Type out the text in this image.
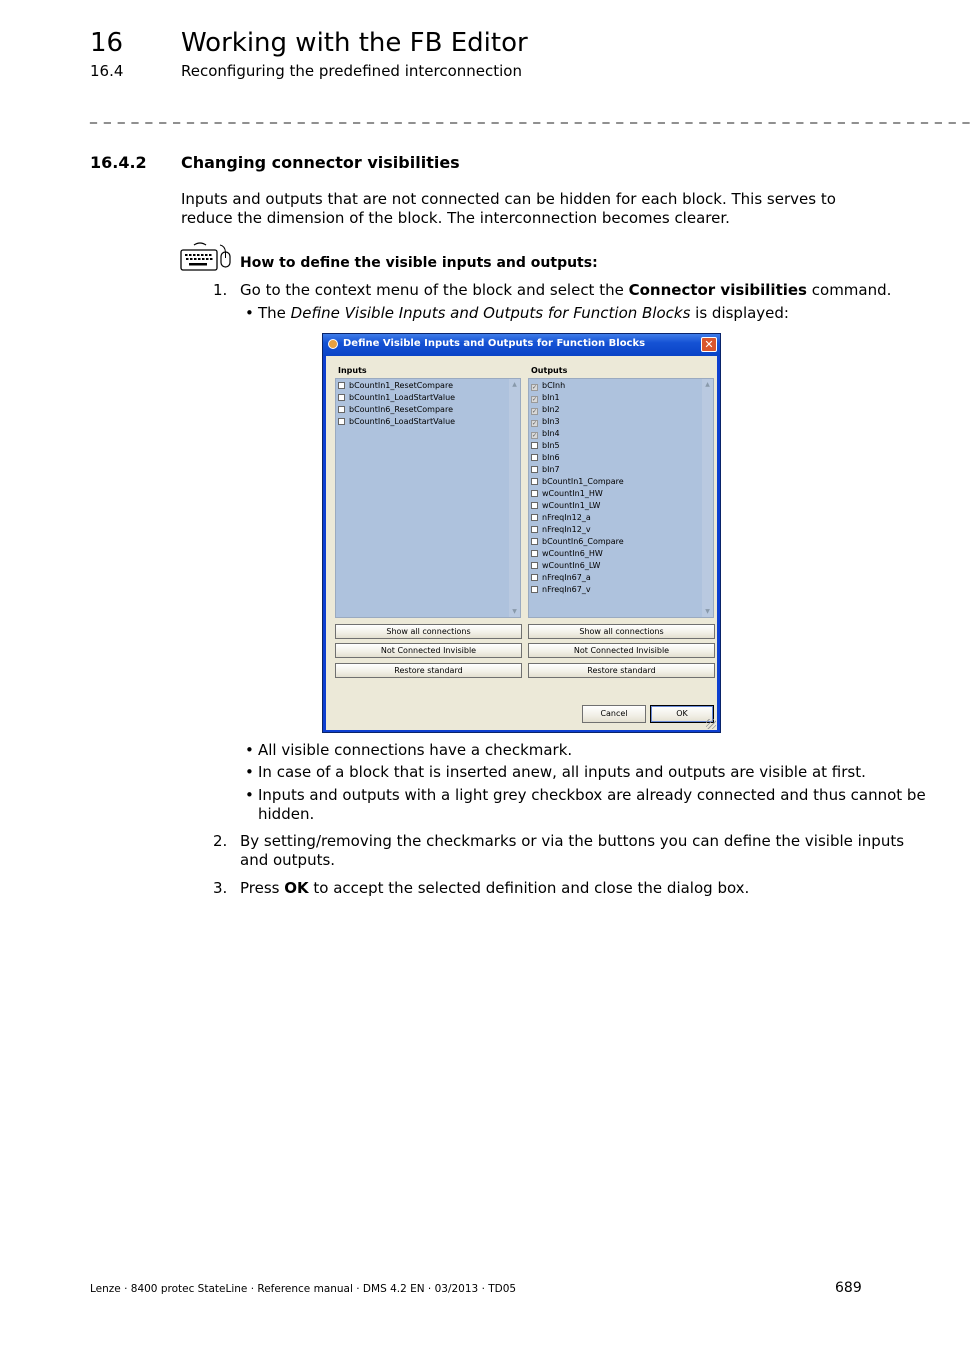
16 Working with the FB Editor
16.4	Reconfiguring the predefined interconnection
_ _ _ _ _ _ _ _ _ _ _ _ _ _ _ _ _ _ _ _ _ _ _ _ _ _ _ _ _ _ _ _ _ _ _ _ _ _ _ _ _ _ _ _ _ _ _ _ _ _ _ _ _ _ _ _ _ _ _ _ _ _ _ _
16.4.2 Changing connector visibilities
Inputs and outputs that are not connected can be hidden for each block. This serves to reduce the dimension of the block. The interconnection becomes clearer.
How to define the visible inputs and outputs:
1. Go to the context menu of the block and select the Connector visibilities command.
• The Define Visible Inputs and Outputs for Function Blocks is displayed:
Define Visible Inputs and Outputs for Function Blocks	✕
Inputs	Outputs
▲
▼
bCountIn1_ResetCompare
bCountIn1_LoadStartValue
bCountIn6_ResetCompare
bCountIn6_LoadStartValue
▲
▼
✓ bCInh
✓ bIn1
✓ bIn2
✓ bIn3
✓ bIn4
bIn5
bIn6
bIn7
bCountIn1_Compare
wCountIn1_HW
wCountIn1_LW
nFreqIn12_a
nFreqIn12_v
bCountIn6_Compare
wCountIn6_HW
wCountIn6_LW
nFreqIn67_a
nFreqIn67_v
Show all connections	Show all connections
Not Connected Invisible	Not Connected Invisible
Restore standard	Restore standard
Cancel	OK
• All visible connections have a checkmark.
• In case of a block that is inserted anew, all inputs and outputs are visible at first.
• Inputs and outputs with a light grey checkbox are already connected and thus cannot be
hidden.
2. By setting/removing the checkmarks or via the buttons you can define the visible inputs
and outputs.
3. Press OK to accept the selected definition and close the dialog box.
Lenze · 8400 protec StateLine · Reference manual · DMS 4.2 EN · 03/2013 · TD05	689
